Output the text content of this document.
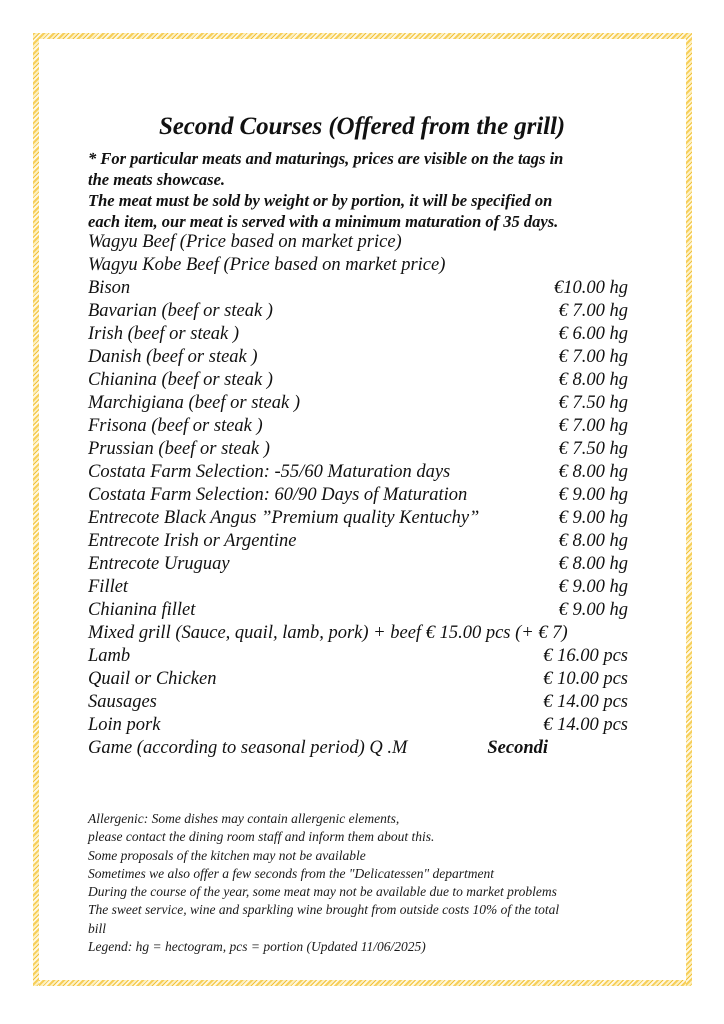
Second Courses (Offered from the grill)
* For particular meats and maturings, prices are visible on the tags in
the meats showcase.
The meat must be sold by weight or by portion, it will be specified on
each item, our meat is served with a minimum maturation of 35 days.
Wagyu Beef (Price based on market price)
Wagyu Kobe Beef (Price based on market price)
Bison	€10.00 hg
Bavarian (beef or steak )	€ 7.00 hg
Irish (beef or steak )	€ 6.00 hg
Danish (beef or steak )	€ 7.00 hg
Chianina (beef or steak )	€ 8.00 hg
Marchigiana (beef or steak )	€ 7.50 hg
Frisona (beef or steak )	€ 7.00 hg
Prussian (beef or steak )	€ 7.50 hg
Costata Farm Selection: -55/60 Maturation days	€ 8.00 hg
Costata Farm Selection: 60/90 Days of Maturation	€ 9.00 hg
Entrecote Black Angus ”Premium quality Kentuchy”	€ 9.00 hg
Entrecote Irish or Argentine	€ 8.00 hg
Entrecote Uruguay	€ 8.00 hg
Fillet	€ 9.00 hg
Chianina fillet	€ 9.00 hg
Mixed grill (Sauce, quail, lamb, pork) + beef € 15.00 pcs (+ € 7)
Lamb	€ 16.00 pcs
Quail or Chicken	€ 10.00 pcs
Sausages	€ 14.00 pcs
Loin pork	€ 14.00 pcs
Game (according to seasonal period) Q .M	Secondi
Allergenic: Some dishes may contain allergenic elements,
please contact the dining room staff and inform them about this.
Some proposals of the kitchen may not be available
Sometimes we also offer a few seconds from the "Delicatessen" department
During the course of the year, some meat may not be available due to market problems
The sweet service, wine and sparkling wine brought from outside costs 10% of the total
bill
Legend: hg = hectogram, pcs = portion (Updated 11/06/2025)
